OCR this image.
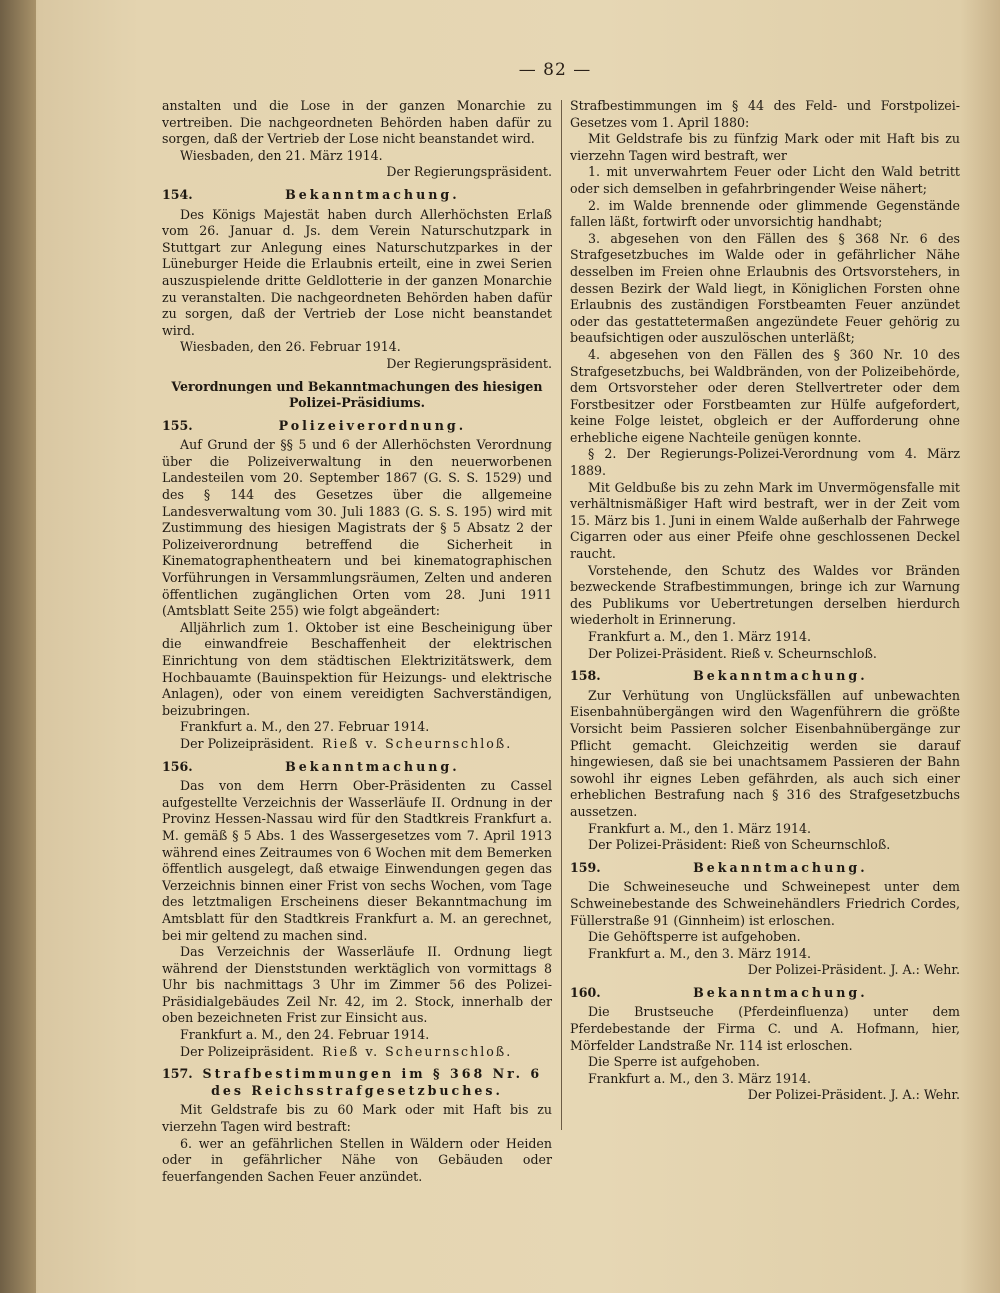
— 82 —

anstalten und die Lose in der ganzen Monarchie zu vertreiben. Die nachgeordneten Behörden haben dafür zu sorgen, daß der Vertrieb der Lose nicht beanstandet wird.

Wiesbaden, den 21. März 1914.

Der Regierungspräsident.

154.	Bekanntmachung.

Des Königs Majestät haben durch Allerhöchsten Erlaß vom 26. Januar d. Js. dem Verein Naturschutzpark in Stuttgart zur Anlegung eines Naturschutzparkes in der Lüneburger Heide die Erlaubnis erteilt, eine in zwei Serien auszuspielende dritte Geldlotterie in der ganzen Monarchie zu veranstalten. Die nachgeordneten Behörden haben dafür zu sorgen, daß der Vertrieb der Lose nicht beanstandet wird.

Wiesbaden, den 26. Februar 1914.

Der Regierungspräsident.

Verordnungen und Bekanntmachungen des hiesigen Polizei-Präsidiums.
155.	Polizeiverordnung.

Auf Grund der §§ 5 und 6 der Allerhöchsten Verordnung über die Polizeiverwaltung in den neuerworbenen Landesteilen vom 20. September 1867 (G. S. S. 1529) und des § 144 des Gesetzes über die allgemeine Landesverwaltung vom 30. Juli 1883 (G. S. S. 195) wird mit Zustimmung des hiesigen Magistrats der § 5 Absatz 2 der Polizeiverordnung betreffend die Sicherheit in Kinematographentheatern und bei kinematographischen Vorführungen in Versammlungsräumen, Zelten und anderen öffentlichen zugänglichen Orten vom 28. Juni 1911 (Amtsblatt Seite 255) wie folgt abgeändert:

Alljährlich zum 1. Oktober ist eine Bescheinigung über die einwandfreie Beschaffenheit der elektrischen Einrichtung von dem städtischen Elektrizitätswerk, dem Hochbauamte (Bauinspektion für Heizungs- und elektrische Anlagen), oder von einem vereidigten Sachverständigen, beizubringen.

Frankfurt a. M., den 27. Februar 1914.

Der Polizeipräsident. Rieß v. Scheurnschloß.

156.	Bekanntmachung.

Das von dem Herrn Ober-Präsidenten zu Cassel aufgestellte Verzeichnis der Wasserläufe II. Ordnung in der Provinz Hessen-Nassau wird für den Stadtkreis Frankfurt a. M. gemäß § 5 Abs. 1 des Wassergesetzes vom 7. April 1913 während eines Zeitraumes von 6 Wochen mit dem Bemerken öffentlich ausgelegt, daß etwaige Einwendungen gegen das Verzeichnis binnen einer Frist von sechs Wochen, vom Tage des letztmaligen Erscheinens dieser Bekanntmachung im Amtsblatt für den Stadtkreis Frankfurt a. M. an gerechnet, bei mir geltend zu machen sind.

Das Verzeichnis der Wasserläufe II. Ordnung liegt während der Dienststunden werktäglich von vormittags 8 Uhr bis nachmittags 3 Uhr im Zimmer 56 des Polizei-Präsidialgebäudes Zeil Nr. 42, im 2. Stock, innerhalb der oben bezeichneten Frist zur Einsicht aus.

Frankfurt a. M., den 24. Februar 1914.

Der Polizeipräsident. Rieß v. Scheurnschloß.

157. Strafbestimmungen im § 368 Nr. 6 des Reichsstrafgesetzbuches.

Mit Geldstrafe bis zu 60 Mark oder mit Haft bis zu vierzehn Tagen wird bestraft:

6. wer an gefährlichen Stellen in Wäldern oder Heiden oder in gefährlicher Nähe von Gebäuden oder feuerfangenden Sachen Feuer anzündet.

Strafbestimmungen im § 44 des Feld- und Forstpolizei-Gesetzes vom 1. April 1880:

Mit Geldstrafe bis zu fünfzig Mark oder mit Haft bis zu vierzehn Tagen wird bestraft, wer

1. mit unverwahrtem Feuer oder Licht den Wald betritt oder sich demselben in gefahrbringender Weise nähert;

2. im Walde brennende oder glimmende Gegenstände fallen läßt, fortwirft oder unvorsichtig handhabt;

3. abgesehen von den Fällen des § 368 Nr. 6 des Strafgesetzbuches im Walde oder in gefährlicher Nähe desselben im Freien ohne Erlaubnis des Ortsvorstehers, in dessen Bezirk der Wald liegt, in Königlichen Forsten ohne Erlaubnis des zuständigen Forstbeamten Feuer anzündet oder das gestattetermaßen angezündete Feuer gehörig zu beaufsichtigen oder auszulöschen unterläßt;

4. abgesehen von den Fällen des § 360 Nr. 10 des Strafgesetzbuchs, bei Waldbränden, von der Polizeibehörde, dem Ortsvorsteher oder deren Stellvertreter oder dem Forstbesitzer oder Forstbeamten zur Hülfe aufgefordert, keine Folge leistet, obgleich er der Aufforderung ohne erhebliche eigene Nachteile genügen konnte.

§ 2. Der Regierungs-Polizei-Verordnung vom 4. März 1889.

Mit Geldbuße bis zu zehn Mark im Unvermögensfalle mit verhältnismäßiger Haft wird bestraft, wer in der Zeit vom 15. März bis 1. Juni in einem Walde außerhalb der Fahrwege Cigarren oder aus einer Pfeife ohne geschlossenen Deckel raucht.

Vorstehende, den Schutz des Waldes vor Bränden bezweckende Strafbestimmungen, bringe ich zur Warnung des Publikums vor Uebertretungen derselben hierdurch wiederholt in Erinnerung.

Frankfurt a. M., den 1. März 1914.

Der Polizei-Präsident. Rieß v. Scheurnschloß.

158.	Bekanntmachung.

Zur Verhütung von Unglücksfällen auf unbewachten Eisenbahnübergängen wird den Wagenführern die größte Vorsicht beim Passieren solcher Eisenbahnübergänge zur Pflicht gemacht. Gleichzeitig werden sie darauf hingewiesen, daß sie bei unachtsamem Passieren der Bahn sowohl ihr eignes Leben gefährden, als auch sich einer erheblichen Bestrafung nach § 316 des Strafgesetzbuchs aussetzen.

Frankfurt a. M., den 1. März 1914.

Der Polizei-Präsident: Rieß von Scheurnschloß.

159.	Bekanntmachung.

Die Schweineseuche und Schweinepest unter dem Schweinebestande des Schweinehändlers Friedrich Cordes, Füllerstraße 91 (Ginnheim) ist erloschen.

Die Gehöftsperre ist aufgehoben.

Frankfurt a. M., den 3. März 1914.

Der Polizei-Präsident. J. A.: Wehr.

160.	Bekanntmachung.

Die Brustseuche (Pferdeinfluenza) unter dem Pferdebestande der Firma C. und A. Hofmann, hier, Mörfelder Landstraße Nr. 114 ist erloschen.

Die Sperre ist aufgehoben.

Frankfurt a. M., den 3. März 1914.

Der Polizei-Präsident. J. A.: Wehr.
